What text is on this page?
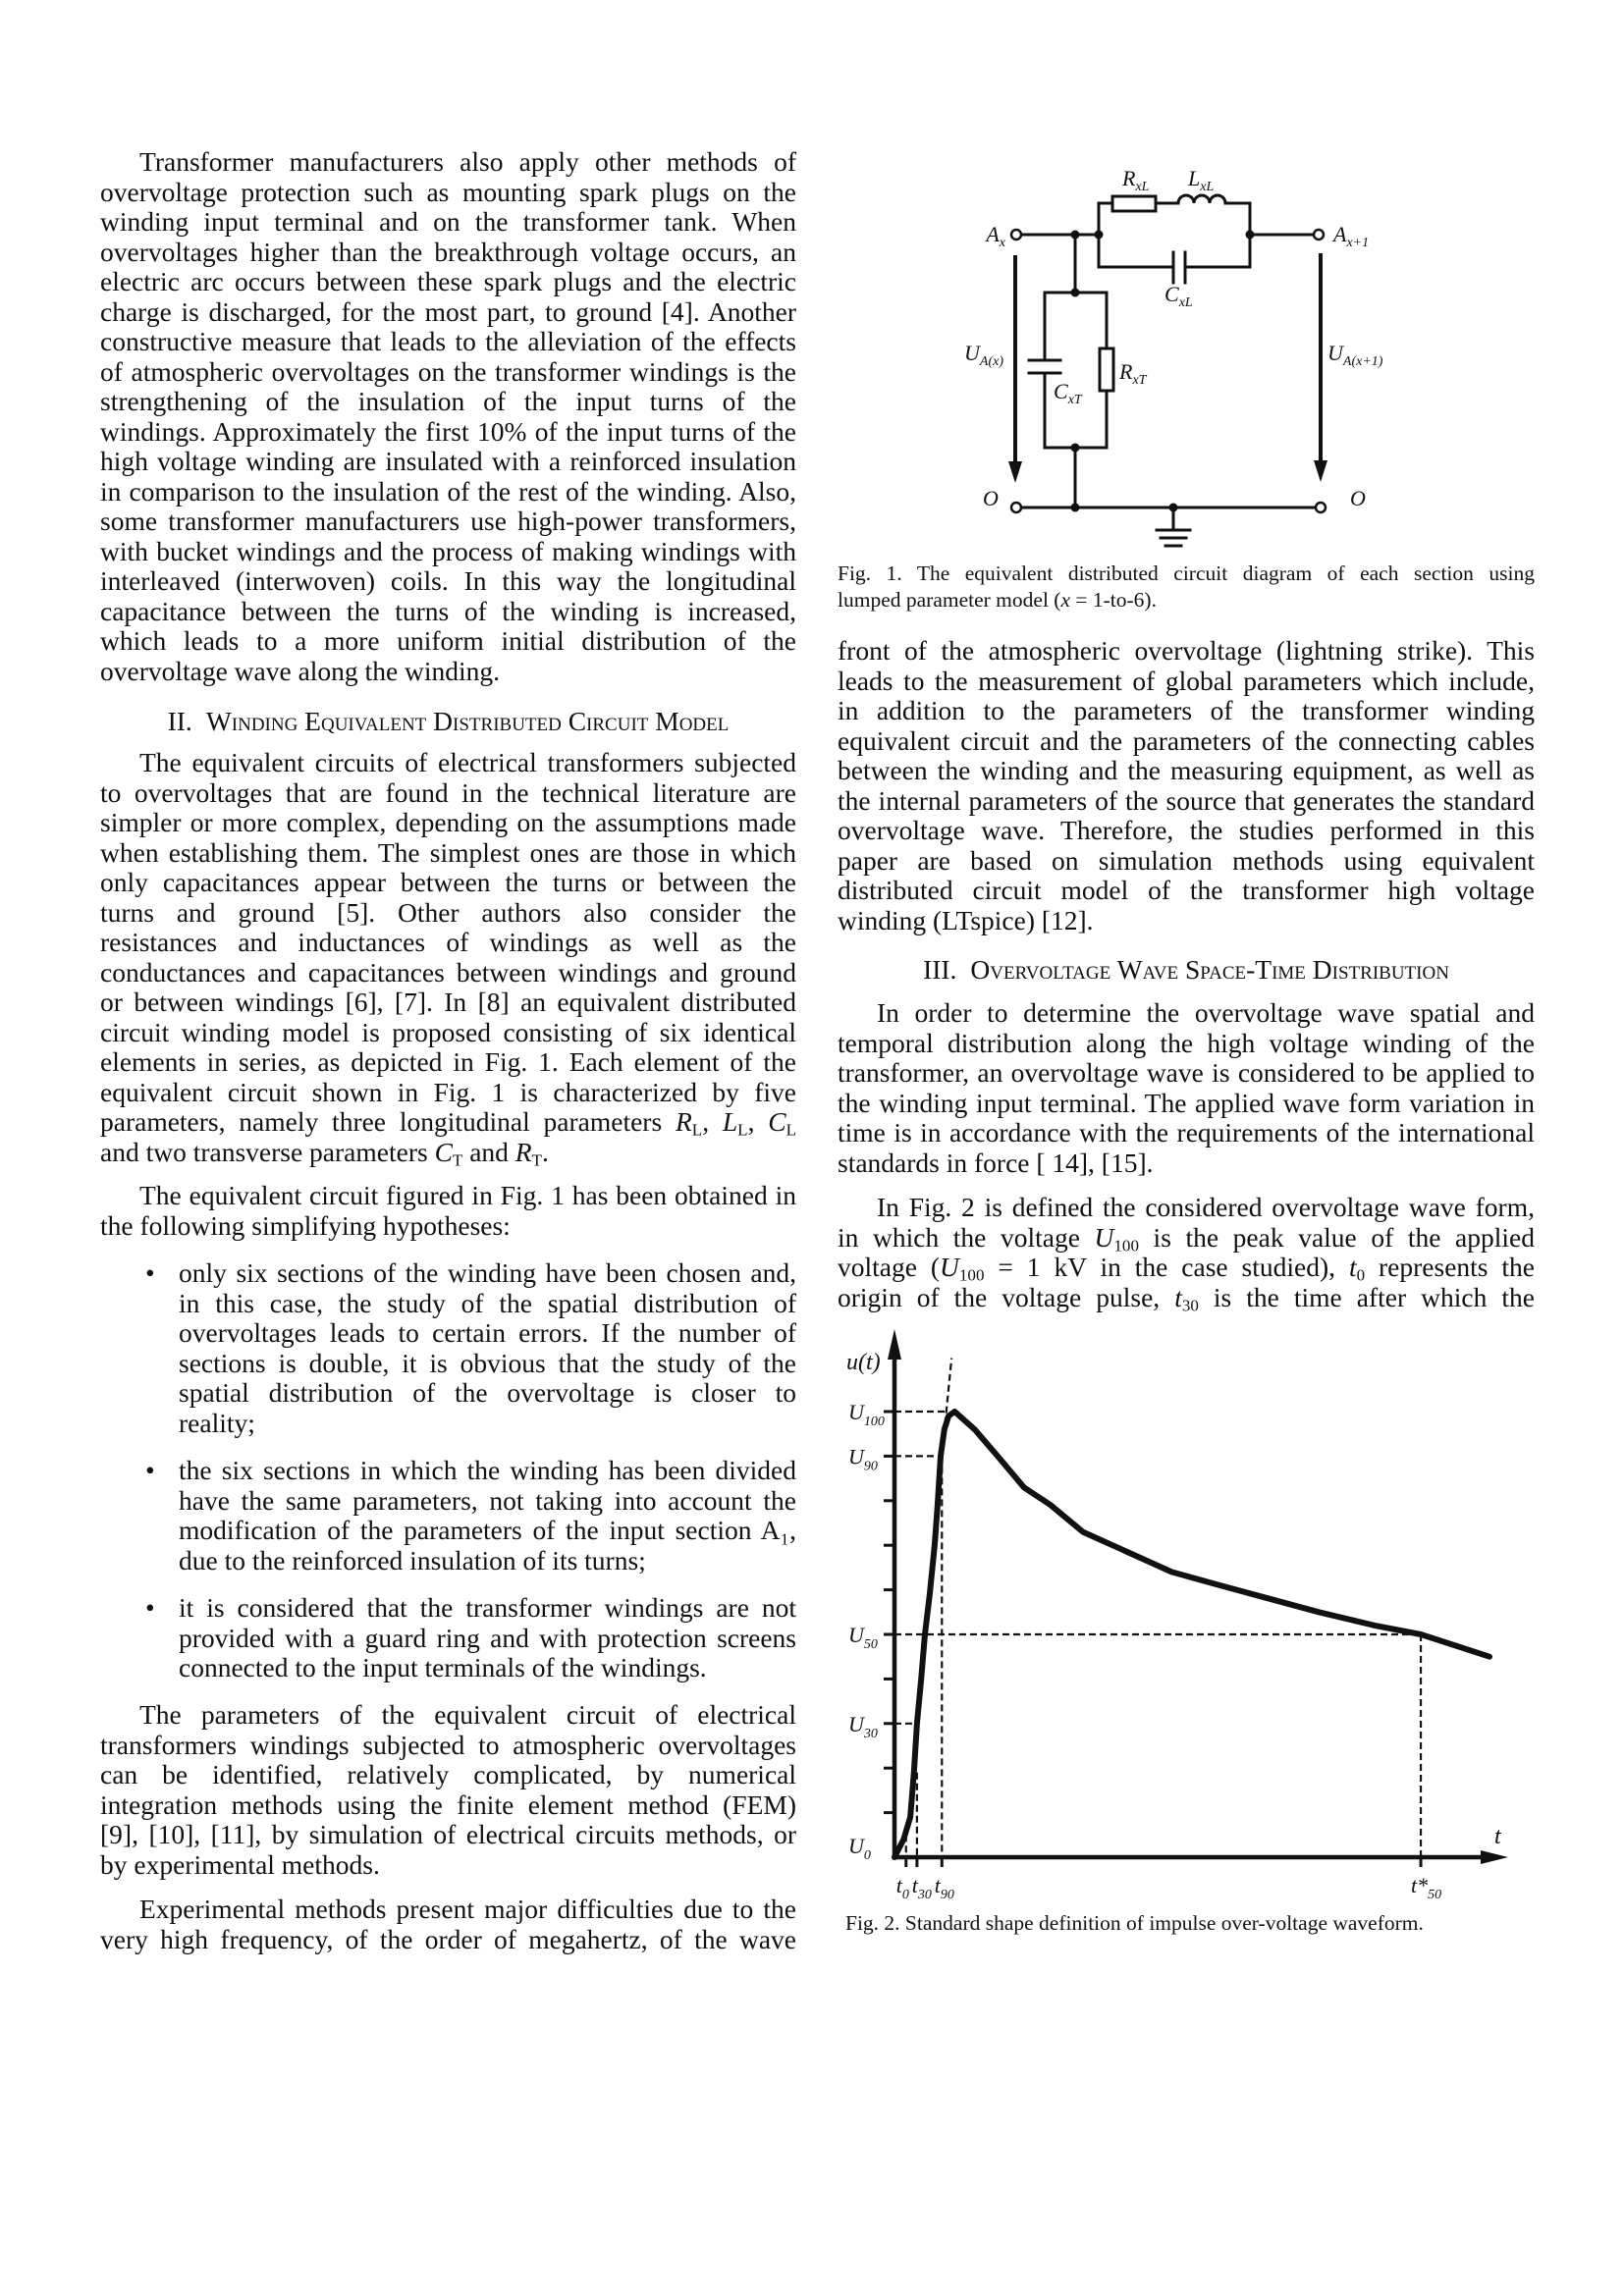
Transformer manufacturers also apply other methods of
overvoltage protection such as mounting spark plugs on the
winding input terminal and on the transformer tank. When
overvoltages higher than the breakthrough voltage occurs, an
electric arc occurs between these spark plugs and the electric
charge is discharged, for the most part, to ground [4]. Another
constructive measure that leads to the alleviation of the effects
of atmospheric overvoltages on the transformer windings is the
strengthening of the insulation of the input turns of the
windings. Approximately the first 10% of the input turns of the
high voltage winding are insulated with a reinforced insulation
in comparison to the insulation of the rest of the winding. Also,
some transformer manufacturers use high-power transformers,
with bucket windings and the process of making windings with
interleaved (interwoven) coils. In this way the longitudinal
capacitance between the turns of the winding is increased,
which leads to a more uniform initial distribution of the
overvoltage wave along the winding.
II. Winding Equivalent Distributed Circuit Model
The equivalent circuits of electrical transformers subjected
to overvoltages that are found in the technical literature are
simpler or more complex, depending on the assumptions made
when establishing them. The simplest ones are those in which
only capacitances appear between the turns or between the
turns and ground [5]. Other authors also consider the
resistances and inductances of windings as well as the
conductances and capacitances between windings and ground
or between windings [6], [7]. In [8] an equivalent distributed
circuit winding model is proposed consisting of six identical
elements in series, as depicted in Fig. 1. Each element of the
equivalent circuit shown in Fig. 1 is characterized by five
parameters, namely three longitudinal parameters $R_L$, $L_L$, $C_L$
and two transverse parameters $C_T$ and $R_T$.
The equivalent circuit figured in Fig. 1 has been obtained in
the following simplifying hypotheses:
• only six sections of the winding have been chosen and,
in this case, the study of the spatial distribution of
overvoltages leads to certain errors. If the number of
sections is double, it is obvious that the study of the
spatial distribution of the overvoltage is closer to
reality;
• the six sections in which the winding has been divided
have the same parameters, not taking into account the
modification of the parameters of the input section A₁,
due to the reinforced insulation of its turns;
• it is considered that the transformer windings are not
provided with a guard ring and with protection screens
connected to the input terminals of the windings.
The parameters of the equivalent circuit of electrical
transformers windings subjected to atmospheric overvoltages
can be identified, relatively complicated, by numerical
integration methods using the finite element method (FEM)
[9], [10], [11], by simulation of electrical circuits methods, or
by experimental methods.
Experimental methods present major difficulties due to the
very high frequency, of the order of megahertz, of the wave
Fig. 1. The equivalent distributed circuit diagram of each section using
lumped parameter model (x = 1-to-6).
front of the atmospheric overvoltage (lightning strike). This
leads to the measurement of global parameters which include,
in addition to the parameters of the transformer winding
equivalent circuit and the parameters of the connecting cables
between the winding and the measuring equipment, as well as
the internal parameters of the source that generates the standard
overvoltage wave. Therefore, the studies performed in this
paper are based on simulation methods using equivalent
distributed circuit model of the transformer high voltage
winding (LTspice) [12].
III. Overvoltage Wave Space-Time Distribution
In order to determine the overvoltage wave spatial and
temporal distribution along the high voltage winding of the
transformer, an overvoltage wave is considered to be applied to
the winding input terminal. The applied wave form variation in
time is in accordance with the requirements of the international
standards in force [ 14], [15].
In Fig. 2 is defined the considered overvoltage wave form,
in which the voltage $U_{100}$ is the peak value of the applied
voltage ($U_{100} = 1$ kV in the case studied), $t_0$ represents the
origin of the voltage pulse, $t_{30}$ is the time after which the
Fig. 2. Standard shape definition of impulse over-voltage waveform.
$A_x$	$A_{x+1}$
$R_{xL}$ $L_{xL}$
$C_{xL}$
$C_{xT}$
$R_{xT}$
$U_{A(x)}$	$U_{A(x+1)}$
O	O
$U_{100}$
$U_{90}$
$U_{50}$
$U_{30}$
$U_0$
$t_0$ $t_{30}$ $t_{90}$	$t*_{50}$
u(t)
t
